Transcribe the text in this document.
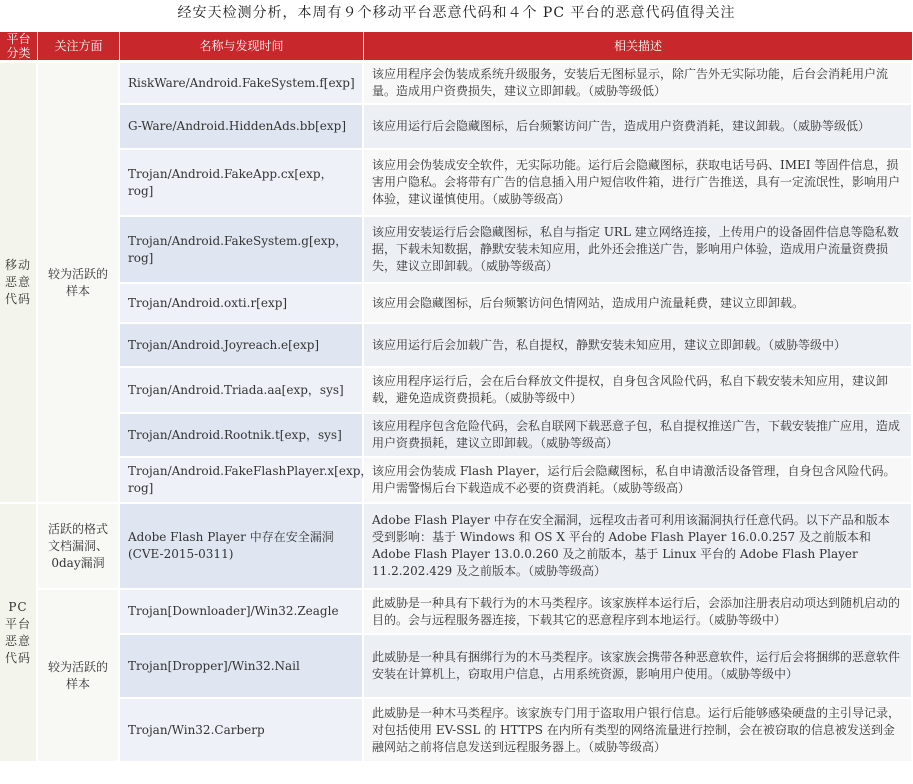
经安天检测分析，本周有９个移动平台恶意代码和４个 PC 平台的恶意代码值得关注
平台分类	关注方面	名称与发现时间	相关描述
移动恶意代码	较为活跃的样本	RiskWare/Android.FakeSystem.f[exp]	该应用程序会伪装成系统升级服务，安装后无图标显示，除广告外无实际功能，后台会消耗用户流量。造成用户资费损失，建议立即卸载。（威胁等级低）
		G-Ware/Android.HiddenAds.bb[exp]	该应用运行后会隐藏图标，后台频繁访问广告，造成用户资费消耗，建议卸载。（威胁等级低）
		Trojan/Android.FakeApp.cx[exp，rog]	该应用会伪装成安全软件，无实际功能。运行后会隐藏图标，获取电话号码、IMEI 等固件信息，损害用户隐私。会将带有广告的信息插入用户短信收件箱，进行广告推送，具有一定流氓性，影响用户体验，建议谨慎使用。（威胁等级高）
		Trojan/Android.FakeSystem.g[exp，rog]	该应用安装运行后会隐藏图标，私自与指定 URL 建立网络连接，上传用户的设备固件信息等隐私数据，下载未知数据，静默安装未知应用，此外还会推送广告，影响用户体验，造成用户流量资费损失，建议立即卸载。（威胁等级高）
		Trojan/Android.oxti.r[exp]	该应用会隐藏图标，后台频繁访问色情网站，造成用户流量耗费，建议立即卸载。
		Trojan/Android.Joyreach.e[exp]	该应用运行后会加载广告，私自提权，静默安装未知应用，建议立即卸载。（威胁等级中）
		Trojan/Android.Triada.aa[exp，sys]	该应用程序运行后，会在后台释放文件提权，自身包含风险代码，私自下载安装未知应用，建议卸载，避免造成资费损耗。（威胁等级中）
		Trojan/Android.Rootnik.t[exp，sys]	该应用程序包含危险代码，会私自联网下载恶意子包，私自提权推送广告，下载安装推广应用，造成用户资费损耗，建议立即卸载。（威胁等级高）
		Trojan/Android.FakeFlashPlayer.x[exp，rog]	该应用会伪装成 Flash Player，运行后会隐藏图标，私自申请激活设备管理，自身包含风险代码。用户需警惕后台下载造成不必要的资费消耗。（威胁等级高）
PC平台恶意代码	活跃的格式文档漏洞、0day漏洞	Adobe Flash Player 中存在安全漏洞 (CVE-2015-0311)	Adobe Flash Player 中存在安全漏洞，远程攻击者可利用该漏洞执行任意代码。以下产品和版本受到影响：基于 Windows 和 OS X 平台的 Adobe Flash Player 16.0.0.257 及之前版本和 Adobe Flash Player 13.0.0.260 及之前版本，基于 Linux 平台的 Adobe Flash Player 11.2.202.429 及之前版本。（威胁等级高）
	较为活跃的样本	Trojan[Downloader]/Win32.Zeagle	此威胁是一种具有下载行为的木马类程序。该家族样本运行后，会添加注册表启动项达到随机启动的目的。会与远程服务器连接，下载其它的恶意程序到本地运行。（威胁等级中）
		Trojan[Dropper]/Win32.Nail	此威胁是一种具有捆绑行为的木马类程序。该家族会携带各种恶意软件，运行后会将捆绑的恶意软件安装在计算机上，窃取用户信息，占用系统资源，影响用户使用。（威胁等级中）
		Trojan/Win32.Carberp	此威胁是一种木马类程序。该家族专门用于盗取用户银行信息。运行后能够感染硬盘的主引导记录，对包括使用 EV-SSL 的 HTTPS 在内所有类型的网络流量进行控制，会在被窃取的信息被发送到金融网站之前将信息发送到远程服务器上。（威胁等级高）
